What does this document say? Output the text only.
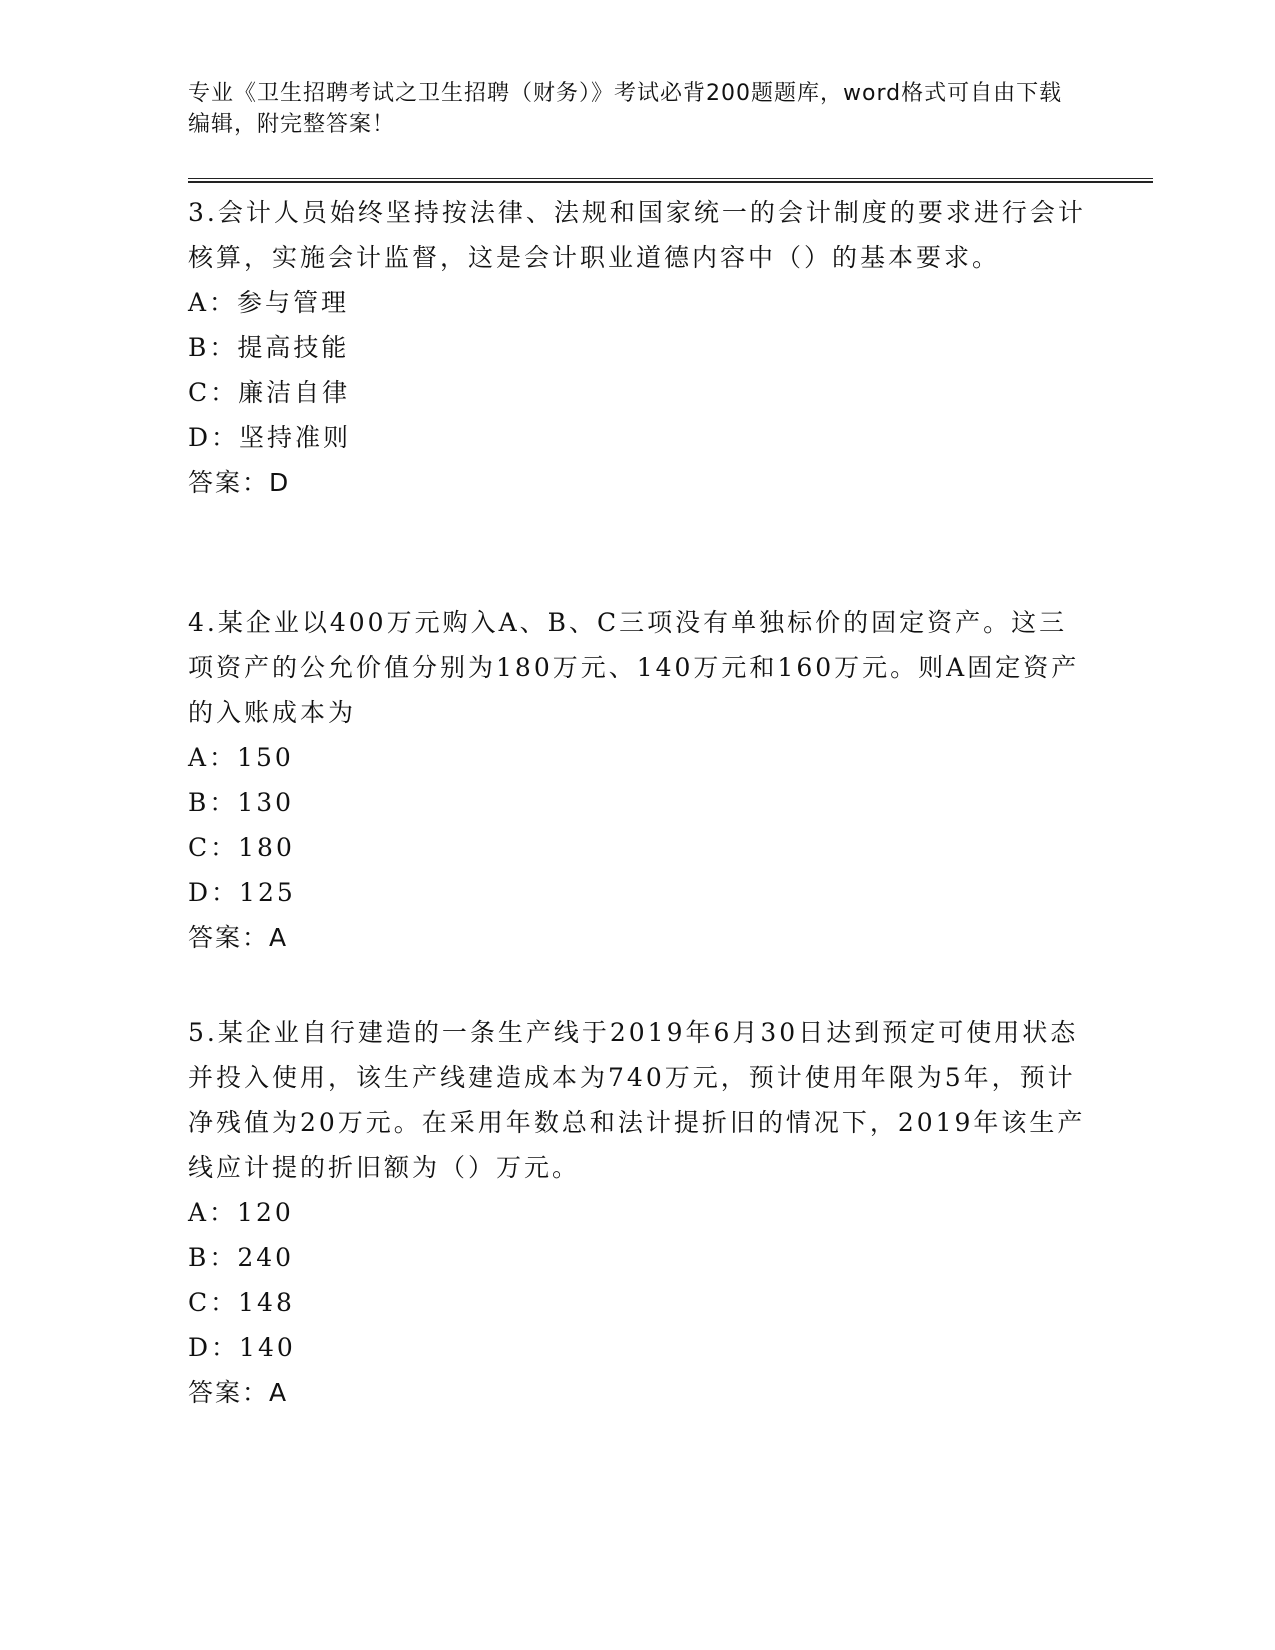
专业《卫生招聘考试之卫生招聘（财务）》考试必背200题题库，word格式可自由下载编辑，附完整答案！

3.会计人员始终坚持按法律、法规和国家统一的会计制度的要求进行会计核算，实施会计监督，这是会计职业道德内容中（）的基本要求。

A：参与管理

B：提高技能

C：廉洁自律

D：坚持准则

答案：D

4.某企业以400万元购入A、B、C三项没有单独标价的固定资产。这三项资产的公允价值分别为180万元、140万元和160万元。则A固定资产的入账成本为

A：150

B：130

C：180

D：125

答案：A

5.某企业自行建造的一条生产线于2019年6月30日达到预定可使用状态并投入使用，该生产线建造成本为740万元，预计使用年限为5年，预计净残值为20万元。在采用年数总和法计提折旧的情况下，2019年该生产线应计提的折旧额为（）万元。

A：120

B：240

C：148

D：140

答案：A
